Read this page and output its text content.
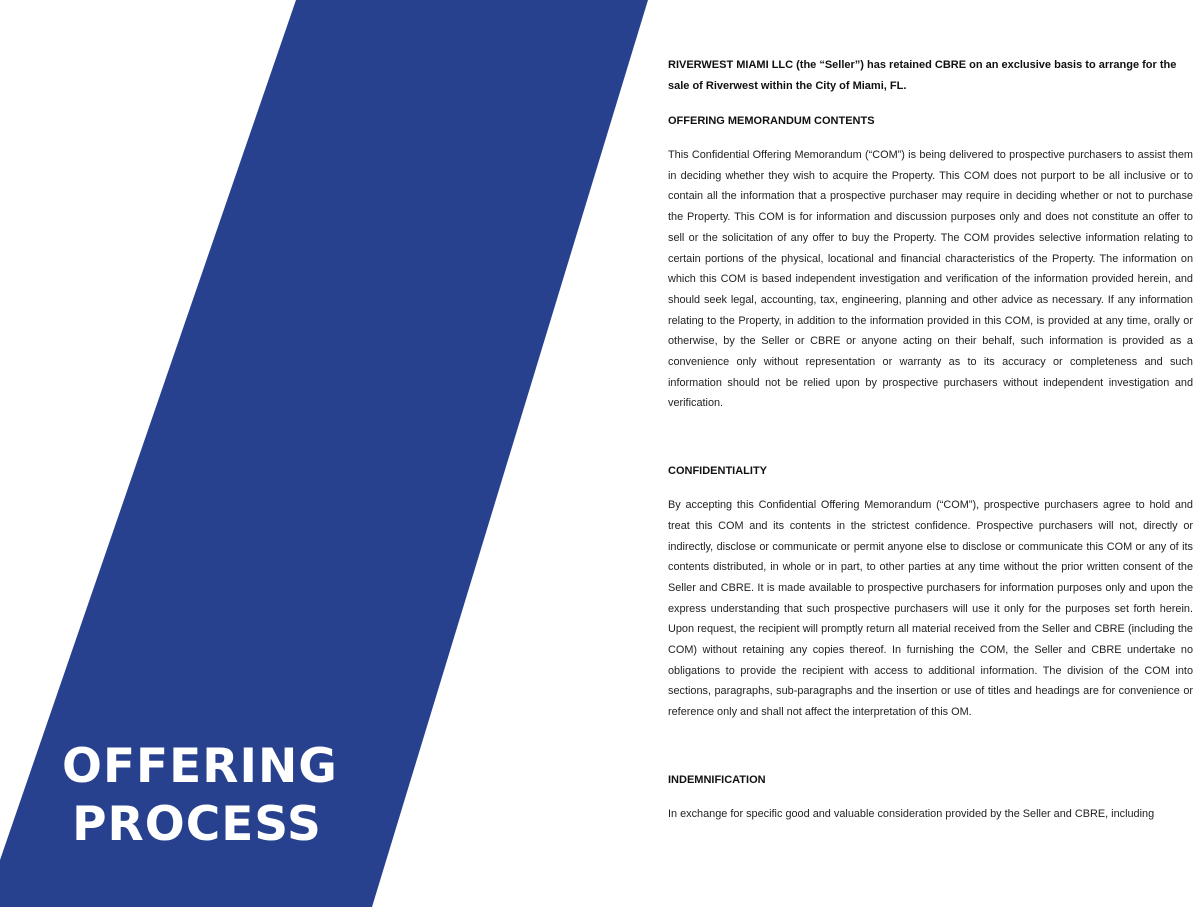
OFFERING
PROCESS

RIVERWEST MIAMI LLC (the “Seller”) has retained CBRE on an exclusive basis to arrange for the sale of Riverwest within the City of Miami, FL.

OFFERING MEMORANDUM CONTENTS

This Confidential Offering Memorandum (“COM”) is being delivered to prospective purchasers to assist them in deciding whether they wish to acquire the Property. This COM does not purport to be all inclusive or to contain all the information that a prospective purchaser may require in deciding whether or not to purchase the Property. This COM is for information and discussion purposes only and does not constitute an offer to sell or the solicitation of any offer to buy the Property. The COM provides selective information relating to certain portions of the physical, locational and financial characteristics of the Property. The information on which this COM is based independent investigation and verification of the information provided herein, and should seek legal, accounting, tax, engineering, planning and other advice as necessary. If any information relating to the Property, in addition to the information provided in this COM, is provided at any time, orally or otherwise, by the Seller or CBRE or anyone acting on their behalf, such information is provided as a convenience only without representation or warranty as to its accuracy or completeness and such information should not be relied upon by prospective purchasers without independent investigation and verification.

CONFIDENTIALITY

By accepting this Confidential Offering Memorandum (“COM”), prospective purchasers agree to hold and treat this COM and its contents in the strictest confidence. Prospective purchasers will not, directly or indirectly, disclose or communicate or permit anyone else to disclose or communicate this COM or any of its contents distributed, in whole or in part, to other parties at any time without the prior written consent of the Seller and CBRE. It is made available to prospective purchasers for information purposes only and upon the express understanding that such prospective purchasers will use it only for the purposes set forth herein. Upon request, the recipient will promptly return all material received from the Seller and CBRE (including the COM) without retaining any copies thereof. In furnishing the COM, the Seller and CBRE undertake no obligations to provide the recipient with access to additional information. The division of the COM into sections, paragraphs, sub-paragraphs and the insertion or use of titles and headings are for convenience or reference only and shall not affect the interpretation of this OM.

INDEMNIFICATION

In exchange for specific good and valuable consideration provided by the Seller and CBRE, including
